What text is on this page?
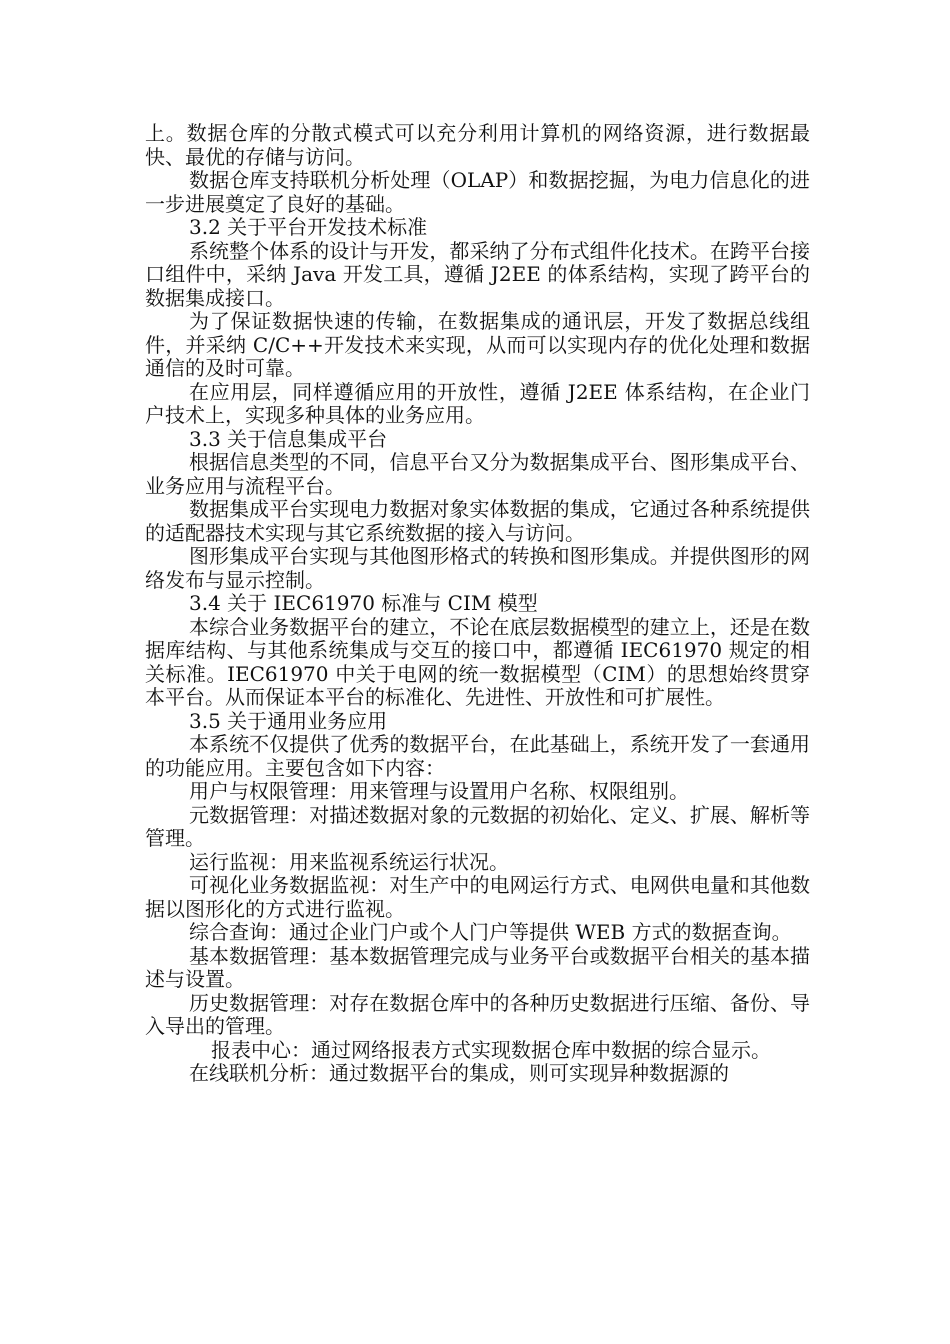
上。数据仓库的分散式模式可以充分利用计算机的网络资源，进行数据最快、最优的存储与访问。

数据仓库支持联机分析处理（OLAP）和数据挖掘，为电力信息化的进一步进展奠定了良好的基础。

3.2 关于平台开发技术标准

系统整个体系的设计与开发，都采纳了分布式组件化技术。在跨平台接口组件中，采纳 Java 开发工具，遵循 J2EE 的体系结构，实现了跨平台的数据集成接口。

为了保证数据快速的传输，在数据集成的通讯层，开发了数据总线组件，并采纳 C/C++开发技术来实现，从而可以实现内存的优化处理和数据通信的及时可靠。

在应用层，同样遵循应用的开放性，遵循 J2EE 体系结构，在企业门户技术上，实现多种具体的业务应用。

3.3 关于信息集成平台

根据信息类型的不同，信息平台又分为数据集成平台、图形集成平台、业务应用与流程平台。

数据集成平台实现电力数据对象实体数据的集成，它通过各种系统提供的适配器技术实现与其它系统数据的接入与访问。

图形集成平台实现与其他图形格式的转换和图形集成。并提供图形的网络发布与显示控制。

3.4 关于 IEC61970 标准与 CIM 模型

本综合业务数据平台的建立，不论在底层数据模型的建立上，还是在数据库结构、与其他系统集成与交互的接口中，都遵循 IEC61970 规定的相关标准。IEC61970 中关于电网的统一数据模型（CIM）的思想始终贯穿本平台。从而保证本平台的标准化、先进性、开放性和可扩展性。

3.5 关于通用业务应用

本系统不仅提供了优秀的数据平台，在此基础上，系统开发了一套通用的功能应用。主要包含如下内容：

用户与权限管理：用来管理与设置用户名称、权限组别。

元数据管理：对描述数据对象的元数据的初始化、定义、扩展、解析等管理。

运行监视：用来监视系统运行状况。

可视化业务数据监视：对生产中的电网运行方式、电网供电量和其他数据以图形化的方式进行监视。

综合查询：通过企业门户或个人门户等提供 WEB 方式的数据查询。

基本数据管理：基本数据管理完成与业务平台或数据平台相关的基本描述与设置。

历史数据管理：对存在数据仓库中的各种历史数据进行压缩、备份、导入导出的管理。

报表中心：通过网络报表方式实现数据仓库中数据的综合显示。

在线联机分析：通过数据平台的集成，则可实现异种数据源的
